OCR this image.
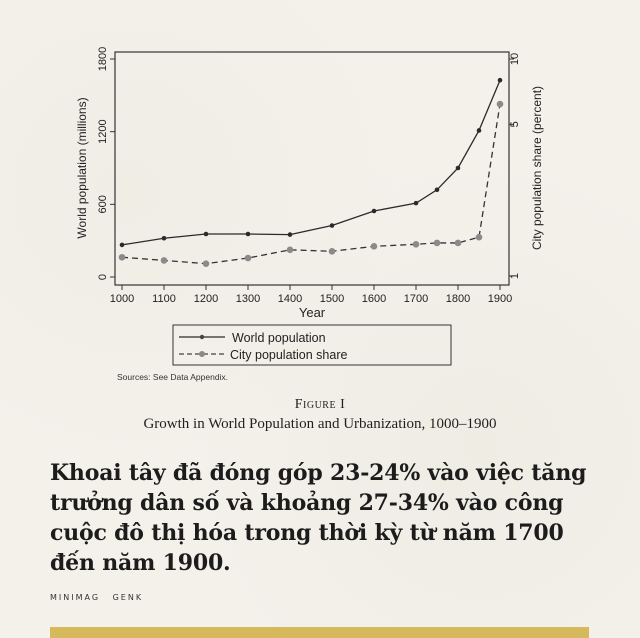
1000 1100 1200 1300 1400 1500 1600 1700 1800 1900
0
600
1200
1800
1
5
10
World population (millions)	City population share (percent)
Year
World population
City population share
Sources: See Data Appendix.
Figure I
Growth in World Population and Urbanization, 1000–1900
Khoai tây đã đóng góp 23-24% vào việc tăng trưởng dân số và khoảng 27-34% vào công cuộc đô thị hóa trong thời kỳ từ năm 1700 đến năm 1900.
MINIMAG GENK
